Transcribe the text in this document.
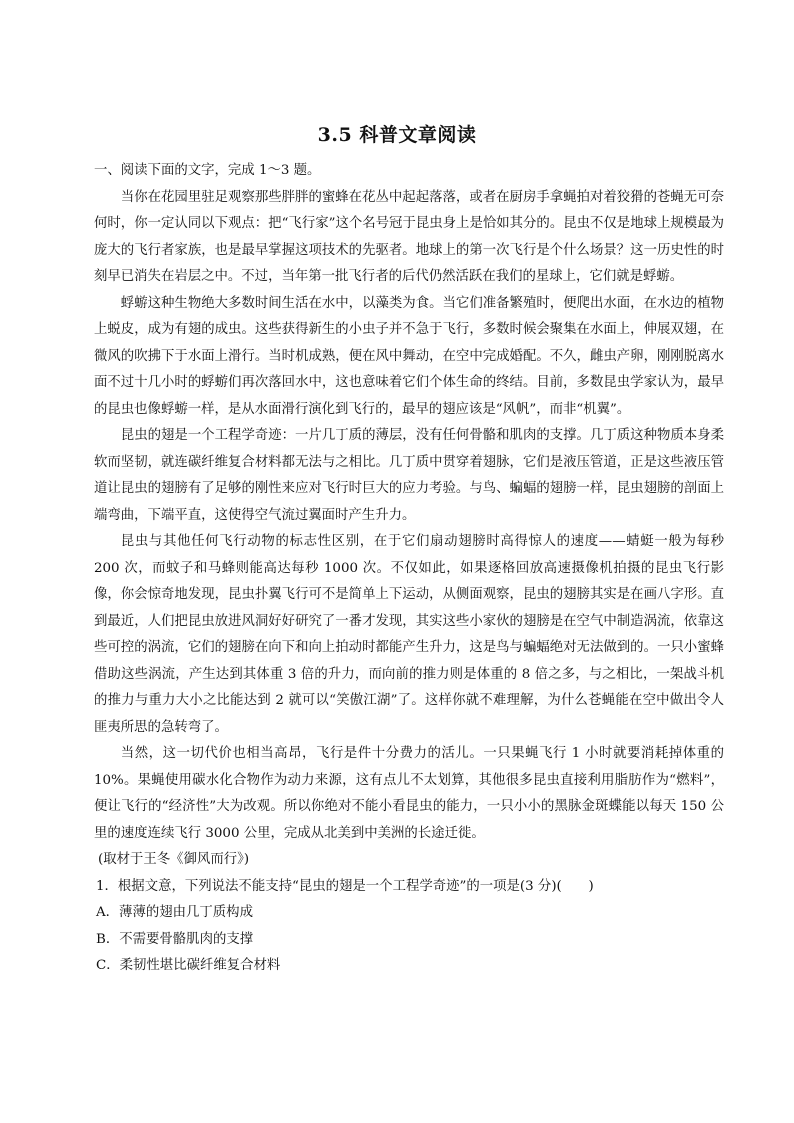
3.5 科普文章阅读

一、阅读下面的文字，完成 1～3 题。

当你在花园里驻足观察那些胖胖的蜜蜂在花丛中起起落落，或者在厨房手拿蝇拍对着狡猾的苍蝇无可奈何时，你一定认同以下观点：把“飞行家”这个名号冠于昆虫身上是恰如其分的。昆虫不仅是地球上规模最为庞大的飞行者家族，也是最早掌握这项技术的先驱者。地球上的第一次飞行是个什么场景？这一历史性的时刻早已消失在岩层之中。不过，当年第一批飞行者的后代仍然活跃在我们的星球上，它们就是蜉蝣。

蜉蝣这种生物绝大多数时间生活在水中，以藻类为食。当它们准备繁殖时，便爬出水面，在水边的植物上蜕皮，成为有翅的成虫。这些获得新生的小虫子并不急于飞行，多数时候会聚集在水面上，伸展双翅，在微风的吹拂下于水面上滑行。当时机成熟，便在风中舞动，在空中完成婚配。不久，雌虫产卵，刚刚脱离水面不过十几小时的蜉蝣们再次落回水中，这也意味着它们个体生命的终结。目前，多数昆虫学家认为，最早的昆虫也像蜉蝣一样，是从水面滑行演化到飞行的，最早的翅应该是“风帆”，而非“机翼”。

昆虫的翅是一个工程学奇迹：一片几丁质的薄层，没有任何骨骼和肌肉的支撑。几丁质这种物质本身柔软而坚韧，就连碳纤维复合材料都无法与之相比。几丁质中贯穿着翅脉，它们是液压管道，正是这些液压管道让昆虫的翅膀有了足够的刚性来应对飞行时巨大的应力考验。与鸟、蝙蝠的翅膀一样，昆虫翅膀的剖面上端弯曲，下端平直，这使得空气流过翼面时产生升力。

昆虫与其他任何飞行动物的标志性区别，在于它们扇动翅膀时高得惊人的速度——蜻蜓一般为每秒 200 次，而蚊子和马蜂则能高达每秒 1000 次。不仅如此，如果逐格回放高速摄像机拍摄的昆虫飞行影像，你会惊奇地发现，昆虫扑翼飞行可不是简单上下运动，从侧面观察，昆虫的翅膀其实是在画八字形。直到最近，人们把昆虫放进风洞好好研究了一番才发现，其实这些小家伙的翅膀是在空气中制造涡流，依靠这些可控的涡流，它们的翅膀在向下和向上拍动时都能产生升力，这是鸟与蝙蝠绝对无法做到的。一只小蜜蜂借助这些涡流，产生达到其体重 3 倍的升力，而向前的推力则是体重的 8 倍之多，与之相比，一架战斗机的推力与重力大小之比能达到 2 就可以“笑傲江湖”了。这样你就不难理解，为什么苍蝇能在空中做出令人匪夷所思的急转弯了。

当然，这一切代价也相当高昂，飞行是件十分费力的活儿。一只果蝇飞行 1 小时就要消耗掉体重的 10%。果蝇使用碳水化合物作为动力来源，这有点儿不太划算，其他很多昆虫直接利用脂肪作为“燃料”，便让飞行的“经济性”大为改观。所以你绝对不能小看昆虫的能力，一只小小的黑脉金斑蝶能以每天 150 公里的速度连续飞行 3000 公里，完成从北美到中美洲的长途迁徙。

(取材于王冬《御风而行》)

1．根据文意，下列说法不能支持“昆虫的翅是一个工程学奇迹”的一项是(3 分)(　　)

A．薄薄的翅由几丁质构成

B．不需要骨骼肌肉的支撑

C．柔韧性堪比碳纤维复合材料
